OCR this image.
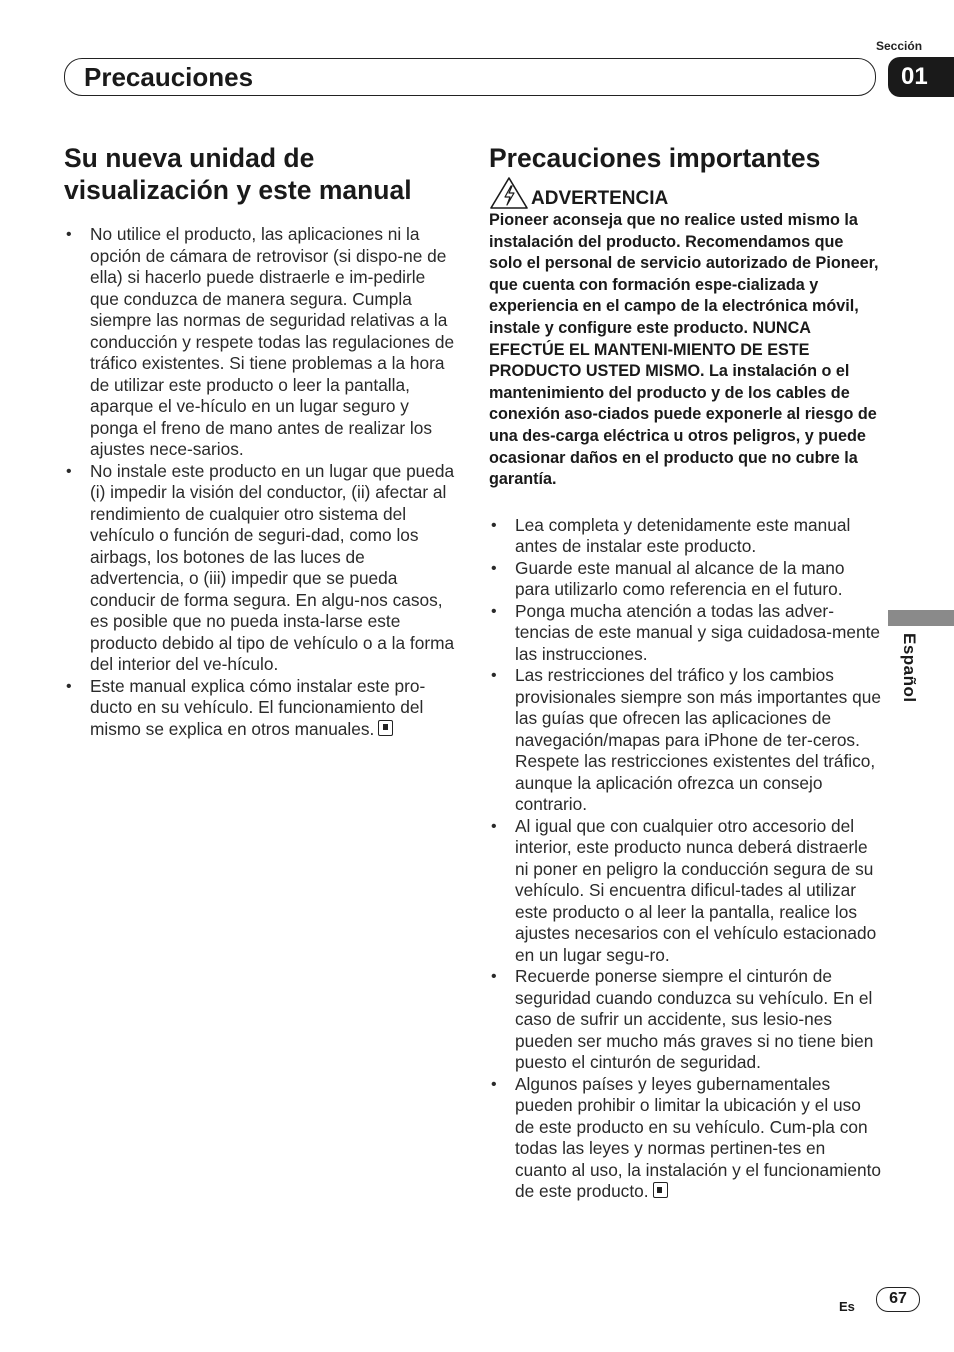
Sección
Precauciones	01
Su nueva unidad de visualización y este manual
• No utilice el producto, las aplicaciones ni la opción de cámara de retrovisor (si dispo-ne de ella) si hacerlo puede distraerle e im-pedirle que conduzca de manera segura. Cumpla siempre las normas de seguridad relativas a la conducción y respete todas las regulaciones de tráfico existentes. Si tiene problemas a la hora de utilizar este producto o leer la pantalla, aparque el ve-hículo en un lugar seguro y ponga el freno de mano antes de realizar los ajustes nece-sarios.
• No instale este producto en un lugar que pueda (i) impedir la visión del conductor, (ii) afectar al rendimiento de cualquier otro sistema del vehículo o función de seguri-dad, como los airbags, los botones de las luces de advertencia, o (iii) impedir que se pueda conducir de forma segura. En algu-nos casos, es posible que no pueda insta-larse este producto debido al tipo de vehículo o a la forma del interior del ve-hículo.
• Este manual explica cómo instalar este pro-ducto en su vehículo. El funcionamiento del mismo se explica en otros manuales.
Precauciones importantes
ADVERTENCIA

Pioneer aconseja que no realice usted mismo la instalación del producto. Recomendamos que solo el personal de servicio autorizado de Pioneer, que cuenta con formación espe-cializada y experiencia en el campo de la electrónica móvil, instale y configure este producto. NUNCA EFECTÚE EL MANTENI-MIENTO DE ESTE PRODUCTO USTED MISMO. La instalación o el mantenimiento del producto y de los cables de conexión aso-ciados puede exponerle al riesgo de una des-carga eléctrica u otros peligros, y puede ocasionar daños en el producto que no cubre la garantía.

• Lea completa y detenidamente este manual antes de instalar este producto.
• Guarde este manual al alcance de la mano para utilizarlo como referencia en el futuro.
• Ponga mucha atención a todas las adver-tencias de este manual y siga cuidadosa-mente las instrucciones.
• Las restricciones del tráfico y los cambios provisionales siempre son más importantes que las guías que ofrecen las aplicaciones de navegación/mapas para iPhone de ter-ceros. Respete las restricciones existentes del tráfico, aunque la aplicación ofrezca un consejo contrario.
• Al igual que con cualquier otro accesorio del interior, este producto nunca deberá distraerle ni poner en peligro la conducción segura de su vehículo. Si encuentra dificul-tades al utilizar este producto o al leer la pantalla, realice los ajustes necesarios con el vehículo estacionado en un lugar segu-ro.
• Recuerde ponerse siempre el cinturón de seguridad cuando conduzca su vehículo. En el caso de sufrir un accidente, sus lesio-nes pueden ser mucho más graves si no tiene bien puesto el cinturón de seguridad.
• Algunos países y leyes gubernamentales pueden prohibir o limitar la ubicación y el uso de este producto en su vehículo. Cum-pla con todas las leyes y normas pertinen-tes en cuanto al uso, la instalación y el funcionamiento de este producto.
Español
Es	67
